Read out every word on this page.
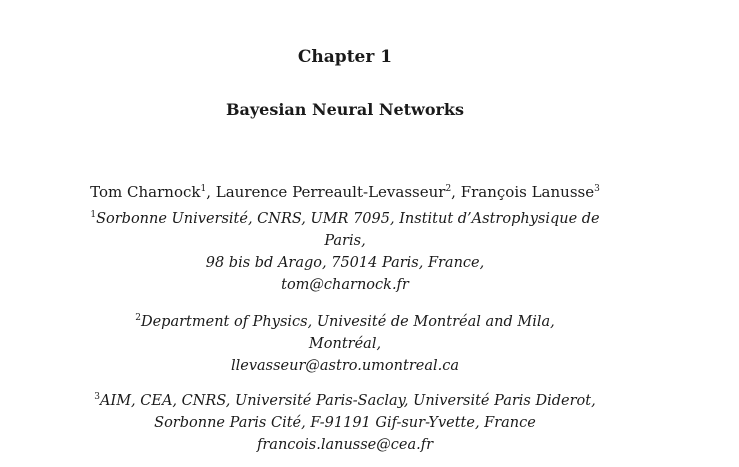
Chapter 1
Bayesian Neural Networks
Tom Charnock$^1$, Laurence Perreault-Levasseur$^2$, François Lanusse$^3$
$^1$Sorbonne Université, CNRS, UMR 7095, Institut d’Astrophysique de
Paris,
98 bis bd Arago, 75014 Paris, France,
tom@charnock.fr
$^2$Department of Physics, Univesité de Montréal and Mila,
Montréal,
llevasseur@astro.umontreal.ca
$^3$AIM, CEA, CNRS, Université Paris-Saclay, Université Paris Diderot,
Sorbonne Paris Cité, F-91191 Gif-sur-Yvette, France
francois.lanusse@cea.fr
